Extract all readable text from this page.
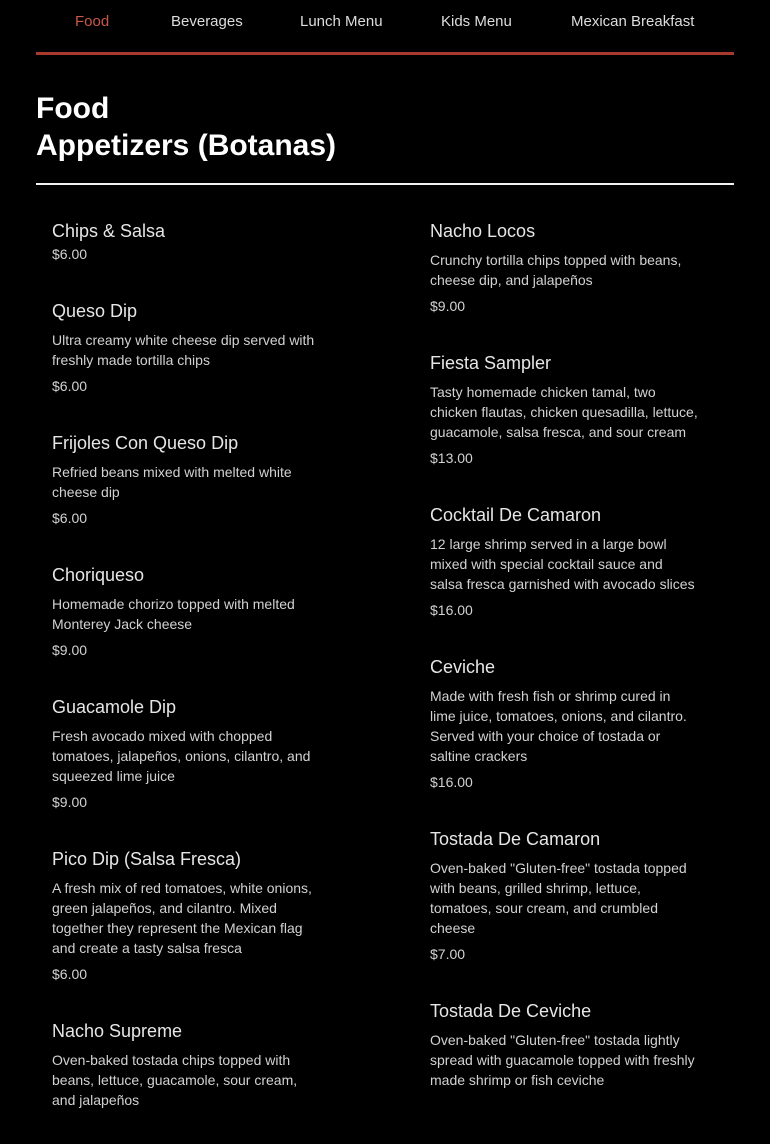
Food	Beverages	Lunch Menu	Kids Menu	Mexican Breakfast
Food
Appetizers (Botanas)
Chips & Salsa
$6.00
Queso Dip
Ultra creamy white cheese dip served with freshly made tortilla chips
$6.00
Frijoles Con Queso Dip
Refried beans mixed with melted white cheese dip
$6.00
Choriqueso
Homemade chorizo topped with melted Monterey Jack cheese
$9.00
Guacamole Dip
Fresh avocado mixed with chopped tomatoes, jalapeños, onions, cilantro, and squeezed lime juice
$9.00
Pico Dip (Salsa Fresca)
A fresh mix of red tomatoes, white onions, green jalapeños, and cilantro. Mixed together they represent the Mexican flag and create a tasty salsa fresca
$6.00
Nacho Supreme
Oven-baked tostada chips topped with beans, lettuce, guacamole, sour cream, and jalapeños
Nacho Locos
Crunchy tortilla chips topped with beans, cheese dip, and jalapeños
$9.00
Fiesta Sampler
Tasty homemade chicken tamal, two chicken flautas, chicken quesadilla, lettuce, guacamole, salsa fresca, and sour cream
$13.00
Cocktail De Camaron
12 large shrimp served in a large bowl mixed with special cocktail sauce and salsa fresca garnished with avocado slices
$16.00
Ceviche
Made with fresh fish or shrimp cured in lime juice, tomatoes, onions, and cilantro. Served with your choice of tostada or saltine crackers
$16.00
Tostada De Camaron
Oven-baked "Gluten-free" tostada topped with beans, grilled shrimp, lettuce, tomatoes, sour cream, and crumbled cheese
$7.00
Tostada De Ceviche
Oven-baked "Gluten-free" tostada lightly spread with guacamole topped with freshly made shrimp or fish ceviche
